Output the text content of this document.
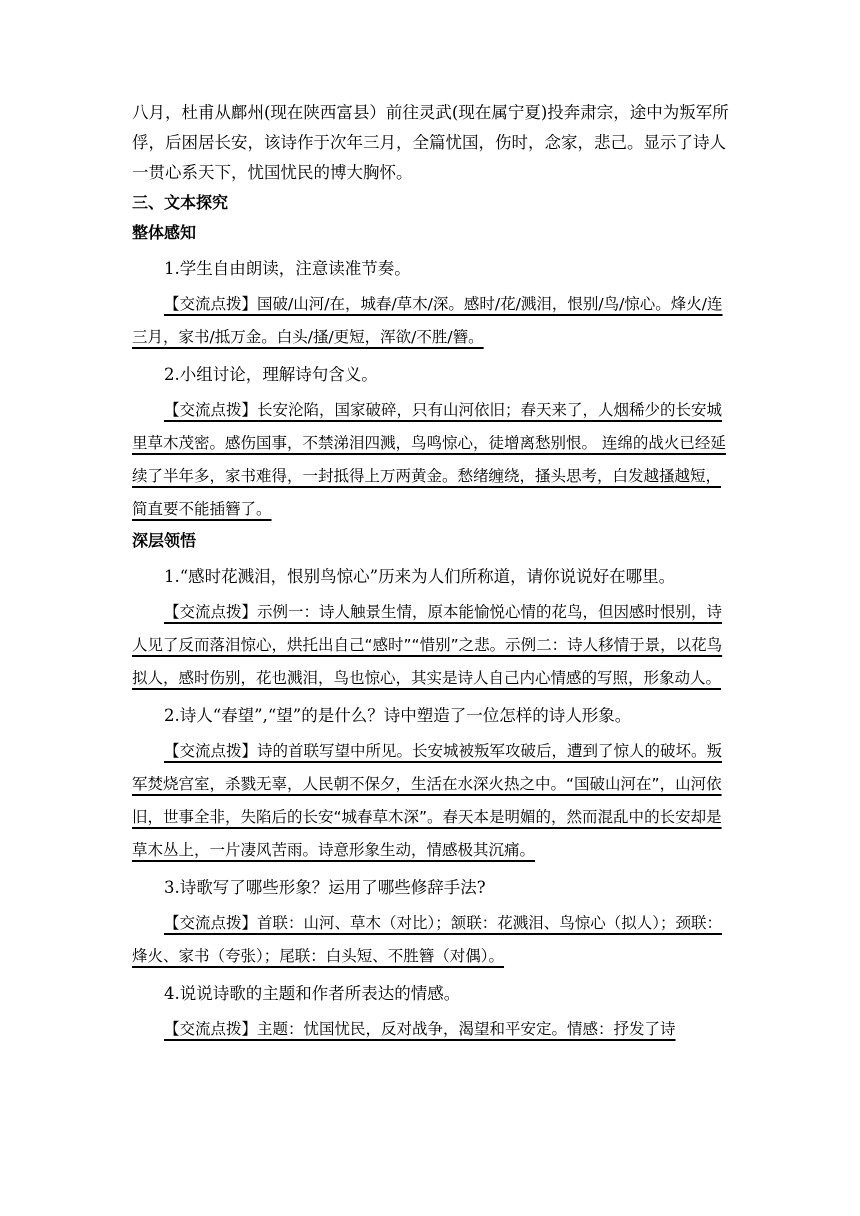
八月，杜甫从鄜州(现在陕西富县）前往灵武(现在属宁夏)投奔肃宗，途中为叛军所俘，后困居长安，该诗作于次年三月，全篇忧国，伤时，念家，悲己。显示了诗人一贯心系天下，忧国忧民的博大胸怀。

三、文本探究

整体感知

1.学生自由朗读，注意读准节奏。

【交流点拨】国破/山河/在，城春/草木/深。感时/花/溅泪，恨别/鸟/惊心。烽火/连三月，家书/抵万金。白头/搔/更短，浑欲/不胜/簪。

2.小组讨论，理解诗句含义。

【交流点拨】长安沦陷，国家破碎，只有山河依旧；春天来了，人烟稀少的长安城里草木茂密。感伤国事，不禁涕泪四溅，鸟鸣惊心，徒增离愁别恨。 连绵的战火已经延续了半年多，家书难得，一封抵得上万两黄金。愁绪缠绕，搔头思考，白发越搔越短，简直要不能插簪了。

深层领悟

1.“感时花溅泪，恨别鸟惊心”历来为人们所称道，请你说说好在哪里。

【交流点拨】示例一：诗人触景生情，原本能愉悦心情的花鸟，但因感时恨别，诗人见了反而落泪惊心，烘托出自己“感时”“惜别”之悲。示例二：诗人移情于景，以花鸟拟人，感时伤别，花也溅泪，鸟也惊心，其实是诗人自己内心情感的写照，形象动人。

2.诗人“春望”,“望”的是什么？诗中塑造了一位怎样的诗人形象。

【交流点拨】诗的首联写望中所见。长安城被叛军攻破后，遭到了惊人的破坏。叛军焚烧宫室，杀戮无辜，人民朝不保夕，生活在水深火热之中。“国破山河在”，山河依旧，世事全非，失陷后的长安“城春草木深”。春天本是明媚的，然而混乱中的长安却是草木丛上，一片凄风苦雨。诗意形象生动，情感极其沉痛。

3.诗歌写了哪些形象？运用了哪些修辞手法?

【交流点拨】首联：山河、草木（对比）；颔联：花溅泪、鸟惊心（拟人）；颈联：烽火、家书（夸张）；尾联：白头短、不胜簪（对偶）。

4.说说诗歌的主题和作者所表达的情感。

【交流点拨】主题：忧国忧民，反对战争，渴望和平安定。情感：抒发了诗
